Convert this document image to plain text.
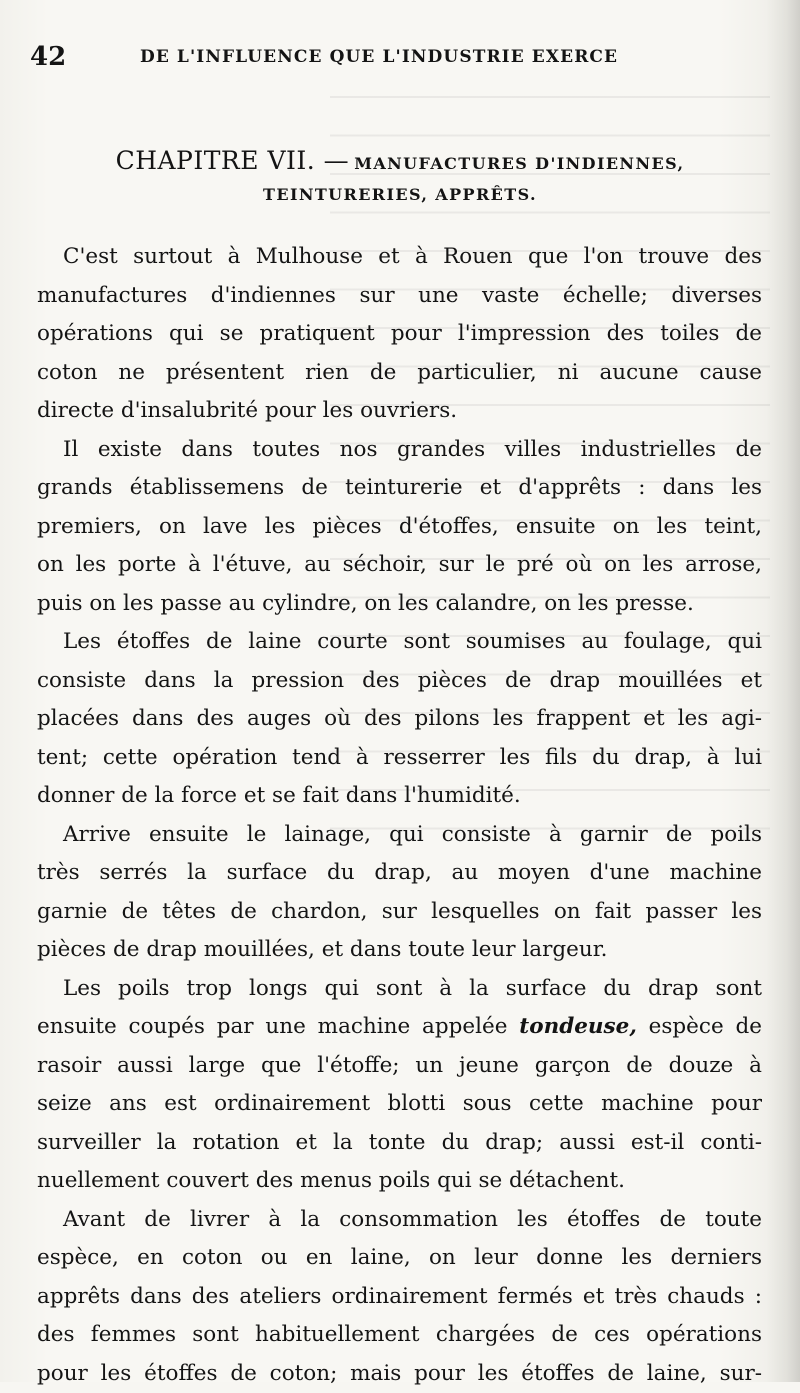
42	DE L'INFLUENCE QUE L'INDUSTRIE EXERCE
CHAPITRE VII. — MANUFACTURES D'INDIENNES,
TEINTURERIES, APPRÊTS.
C'est surtout à Mulhouse et à Rouen que l'on trouve des
manufactures d'indiennes sur une vaste échelle; diverses
opérations qui se pratiquent pour l'impression des toiles de
coton ne présentent rien de particulier, ni aucune cause
directe d'insalubrité pour les ouvriers.
Il existe dans toutes nos grandes villes industrielles de
grands établissemens de teinturerie et d'apprêts : dans les
premiers, on lave les pièces d'étoffes, ensuite on les teint,
on les porte à l'étuve, au séchoir, sur le pré où on les arrose,
puis on les passe au cylindre, on les calandre, on les presse.
Les étoffes de laine courte sont soumises au foulage, qui
consiste dans la pression des pièces de drap mouillées et
placées dans des auges où des pilons les frappent et les agi-
tent; cette opération tend à resserrer les fils du drap, à lui
donner de la force et se fait dans l'humidité.
Arrive ensuite le lainage, qui consiste à garnir de poils
très serrés la surface du drap, au moyen d'une machine
garnie de têtes de chardon, sur lesquelles on fait passer les
pièces de drap mouillées, et dans toute leur largeur.
Les poils trop longs qui sont à la surface du drap sont
ensuite coupés par une machine appelée tondeuse, espèce de
rasoir aussi large que l'étoffe; un jeune garçon de douze à
seize ans est ordinairement blotti sous cette machine pour
surveiller la rotation et la tonte du drap; aussi est-il conti-
nuellement couvert des menus poils qui se détachent.
Avant de livrer à la consommation les étoffes de toute
espèce, en coton ou en laine, on leur donne les derniers
apprêts dans des ateliers ordinairement fermés et très chauds :
des femmes sont habituellement chargées de ces opérations
pour les étoffes de coton; mais pour les étoffes de laine, sur-
